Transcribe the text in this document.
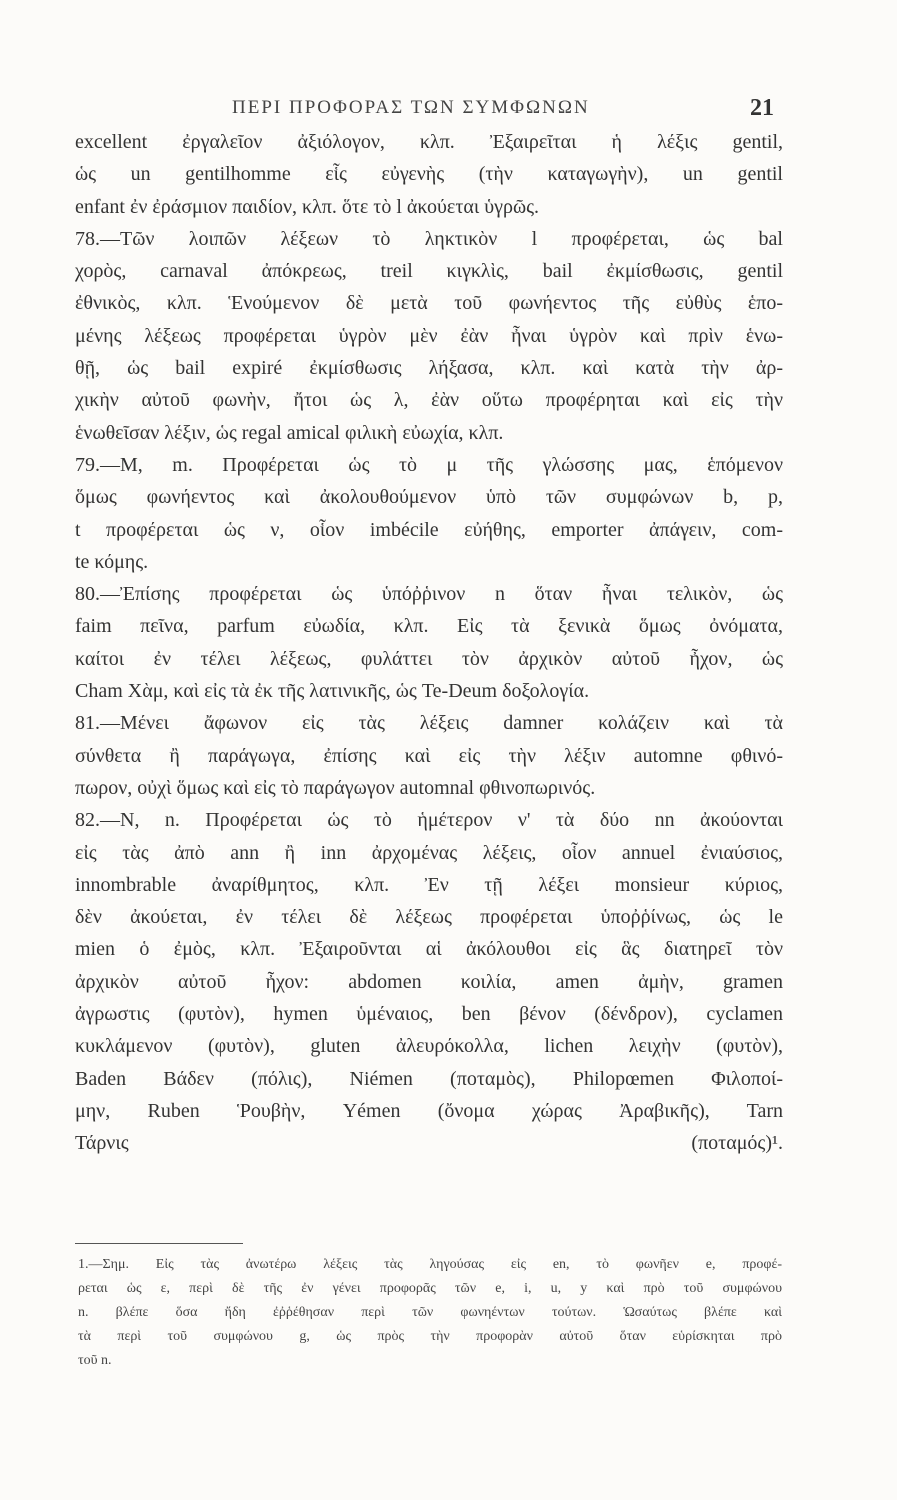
ΠΕΡΙ ΠΡΟΦΟΡΑΣ ΤΩΝ ΣΥΜΦΩΝΩΝ	21
excellent ἐργαλεῖον ἀξιόλογον, κλπ. Ἐξαιρεῖται ἡ λέξις gentil,
ὡς un gentilhomme εἷς εὐγενὴς (τὴν καταγωγὴν), un gentil
enfant ἐν ἐράσμιον παιδίον, κλπ. ὅτε τὸ l ἀκούεται ὑγρῶς.
78.—Τῶν λοιπῶν λέξεων τὸ ληκτικὸν l προφέρεται, ὡς bal
χορὸς, carnaval ἀπόκρεως, treil κιγκλὶς, bail ἐκμίσθωσις, gentil
ἐθνικὸς, κλπ. Ἑνούμενον δὲ μετὰ τοῦ φωνήεντος τῆς εὐθὺς ἑπο-
μένης λέξεως προφέρεται ὑγρὸν μὲν ἐὰν ἦναι ὑγρὸν καὶ πρὶν ἑνω-
θῇ, ὡς bail expiré ἐκμίσθωσις λήξασα, κλπ. καὶ κατὰ τὴν ἀρ-
χικὴν αὐτοῦ φωνὴν, ἤτοι ὡς λ, ἐὰν οὕτω προφέρηται καὶ εἰς τὴν
ἑνωθεῖσαν λέξιν, ὡς regal amical φιλικὴ εὐωχία, κλπ.
79.—M, m. Προφέρεται ὡς τὸ μ τῆς γλώσσης μας, ἑπόμενον
ὅμως φωνήεντος καὶ ἀκολουθούμενον ὑπὸ τῶν συμφώνων b, p,
t προφέρεται ὡς ν, οἷον imbécile εὐήθης, emporter ἀπάγειν, com-
te κόμης.
80.—Ἐπίσης προφέρεται ὡς ὑπόῤῥινον n ὅταν ἦναι τελικὸν, ὡς
faim πεῖνα, parfum εὐωδία, κλπ. Εἰς τὰ ξενικὰ ὅμως ὀνόματα,
καίτοι ἐν τέλει λέξεως, φυλάττει τὸν ἀρχικὸν αὐτοῦ ἦχον, ὡς
Cham Χὰμ, καὶ εἰς τὰ ἐκ τῆς λατινικῆς, ὡς Te-Deum δοξολογία.
81.—Μένει ἄφωνον εἰς τὰς λέξεις damner κολάζειν καὶ τὰ
σύνθετα ἢ παράγωγα, ἐπίσης καὶ εἰς τὴν λέξιν automne φθινό-
πωρον, οὐχὶ ὅμως καὶ εἰς τὸ παράγωγον automnal φθινοπωρινός.
82.—N, n. Προφέρεται ὡς τὸ ἡμέτερον ν' τὰ δύο nn ἀκούονται
εἰς τὰς ἀπὸ ann ἢ inn ἀρχομένας λέξεις, οἷον annuel ἐνιαύσιος,
innombrable ἀναρίθμητος, κλπ. Ἐν τῇ λέξει monsieur κύριος,
δὲν ἀκούεται, ἐν τέλει δὲ λέξεως προφέρεται ὑποῤῥίνως, ὡς le
mien ὁ ἐμὸς, κλπ. Ἐξαιροῦνται αἱ ἀκόλουθοι εἰς ἃς διατηρεῖ τὸν
ἀρχικὸν αὐτοῦ ἦχον: abdomen κοιλία, amen ἀμὴν, gramen
ἀγρωστις (φυτὸν), hymen ὑμέναιος, ben βένον (δένδρον), cyclamen
κυκλάμενον (φυτὸν), gluten ἀλευρόκολλα, lichen λειχὴν (φυτὸν),
Baden Βάδεν (πόλις), Niémen (ποταμὸς), Philopœmen Φιλοποί-
μην, Ruben Ῥουβὴν, Yémen (ὄνομα χώρας Ἀραβικῆς), Tarn
Τάρνις (ποταμός)¹.
1.—Σημ. Εἰς τὰς ἀνωτέρω λέξεις τὰς ληγούσας εἰς en, τὸ φωνῆεν e, προφέ-
ρεται ὡς ε, περὶ δὲ τῆς ἐν γένει προφορᾶς τῶν e, i, u, y καὶ πρὸ τοῦ συμφώνου
n. βλέπε ὅσα ἤδη ἐῤῥέθησαν περὶ τῶν φωνηέντων τούτων. Ὡσαύτως βλέπε καὶ
τὰ περὶ τοῦ συμφώνου g, ὡς πρὸς τὴν προφορὰν αὐτοῦ ὅταν εὑρίσκηται πρὸ
τοῦ n.
